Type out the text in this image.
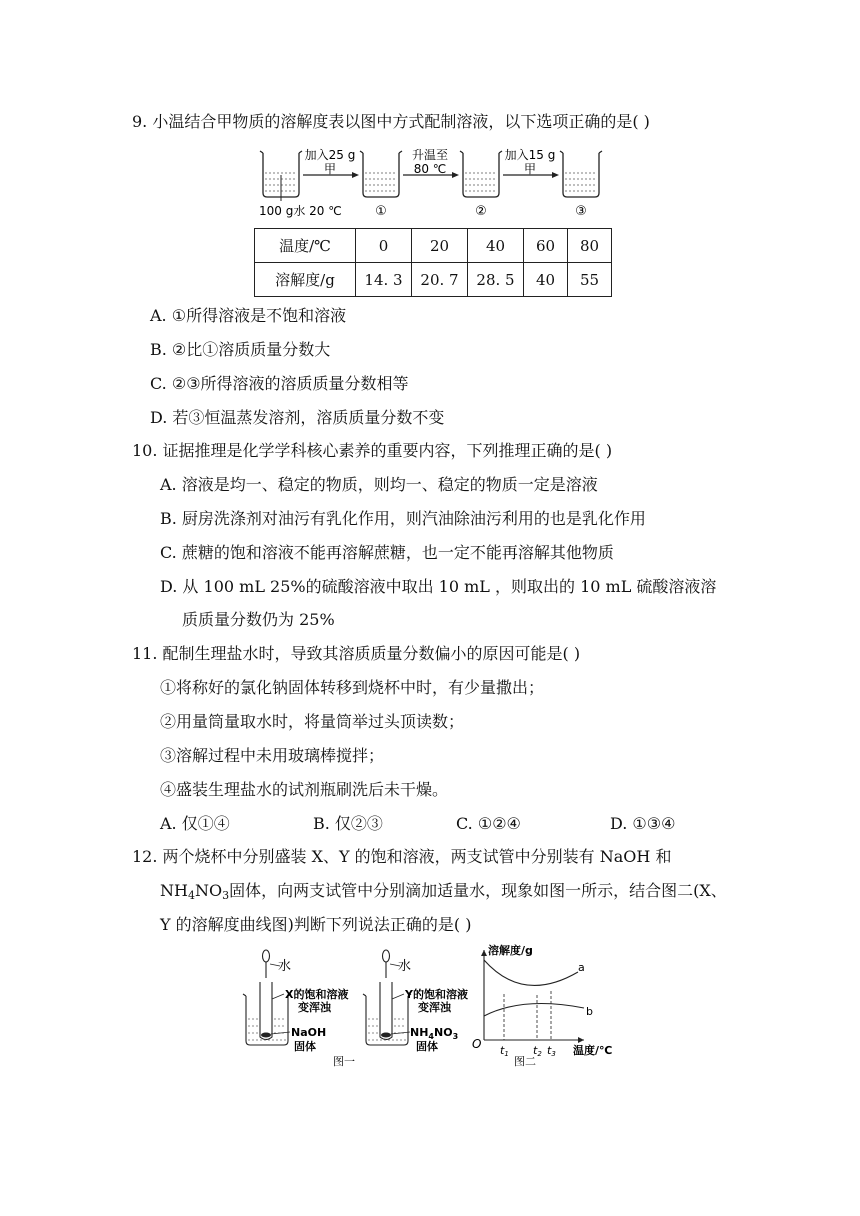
9. 小温结合甲物质的溶解度表以图中方式配制溶液，以下选项正确的是( )
加入25 g
甲
升温至
80 ℃
加入15 g
甲
100 g水 20 ℃	①	②	③
温度/℃	0	20	40	60	80
溶解度/g	14. 3	20. 7	28. 5	40	55
A. ①所得溶液是不饱和溶液
B. ②比①溶质质量分数大
C. ②③所得溶液的溶质质量分数相等
D. 若③恒温蒸发溶剂，溶质质量分数不变
10. 证据推理是化学学科核心素养的重要内容，下列推理正确的是( )
A. 溶液是均一、稳定的物质，则均一、稳定的物质一定是溶液
B. 厨房洗涤剂对油污有乳化作用，则汽油除油污利用的也是乳化作用
C. 蔗糖的饱和溶液不能再溶解蔗糖，也一定不能再溶解其他物质
D. 从 100 mL 25%的硫酸溶液中取出 10 mL ，则取出的 10 mL 硫酸溶液溶
质质量分数仍为 25%
11. 配制生理盐水时，导致其溶质质量分数偏小的原因可能是( )
①将称好的氯化钠固体转移到烧杯中时，有少量撒出；
②用量筒量取水时，将量筒举过头顶读数；
③溶解过程中未用玻璃棒搅拌；
④盛装生理盐水的试剂瓶刷洗后未干燥。
A. 仅①④	B. 仅②③	C. ①②④	D. ①③④
12. 两个烧杯中分别盛装 X、Y 的饱和溶液，两支试管中分别装有 NaOH 和
$NH_4NO_3$固体，向两支试管中分别滴加适量水，现象如图一所示，结合图二(X、
Y 的溶解度曲线图)判断下列说法正确的是( )
水	水
X的饱和溶液
变浑浊
Y的饱和溶液
变浑浊
NaOH
固体
$NH_4NO_3$
固体
图一
溶解度/g
a
b
O t1 t2 t3 温度/℃
图二
